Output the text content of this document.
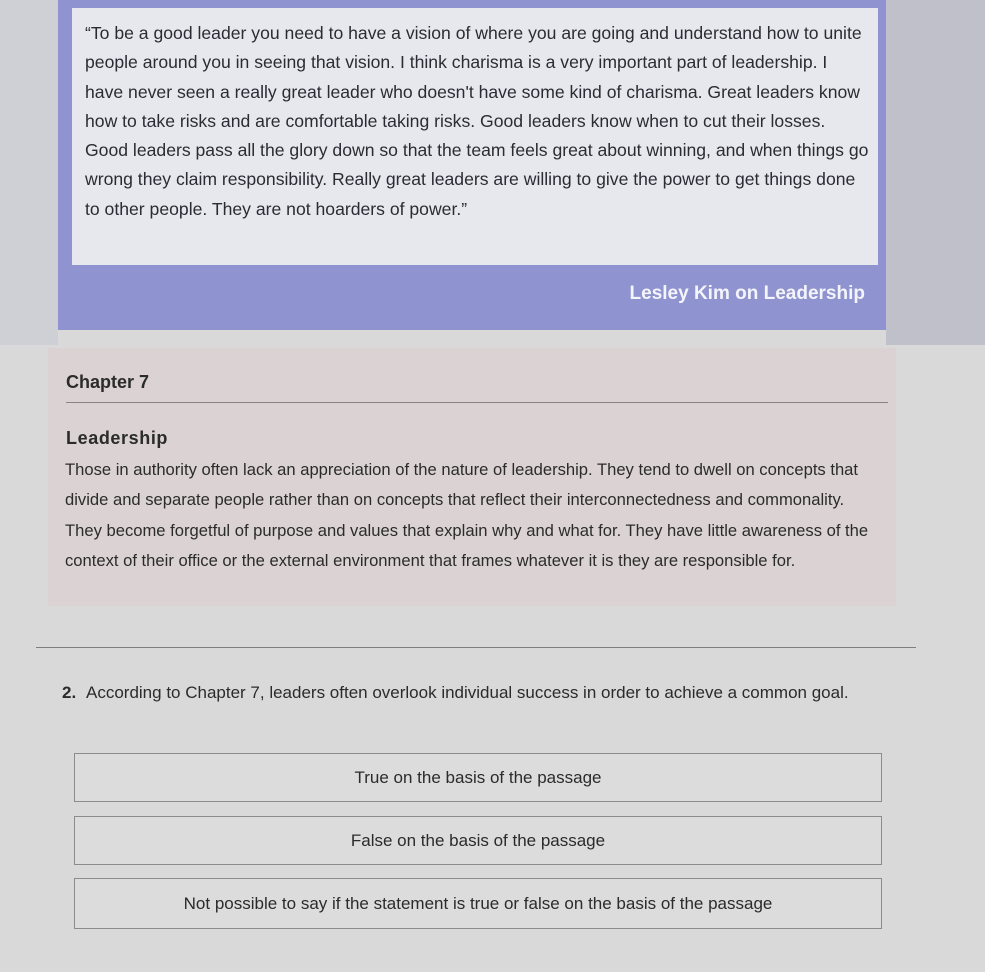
“To be a good leader you need to have a vision of where you are going and understand how to unite people around you in seeing that vision. I think charisma is a very important part of leadership. I have never seen a really great leader who doesn't have some kind of charisma. Great leaders know how to take risks and are comfortable taking risks. Good leaders know when to cut their losses. Good leaders pass all the glory down so that the team feels great about winning, and when things go wrong they claim responsibility. Really great leaders are willing to give the power to get things done to other people. They are not hoarders of power.”

Lesley Kim on Leadership

Chapter 7

Leadership

Those in authority often lack an appreciation of the nature of leadership. They tend to dwell on concepts that divide and separate people rather than on concepts that reflect their interconnectedness and commonality. They become forgetful of purpose and values that explain why and what for. They have little awareness of the context of their office or the external environment that frames whatever it is they are responsible for.

2. According to Chapter 7, leaders often overlook individual success in order to achieve a common goal.

True on the basis of the passage
False on the basis of the passage
Not possible to say if the statement is true or false on the basis of the passage
